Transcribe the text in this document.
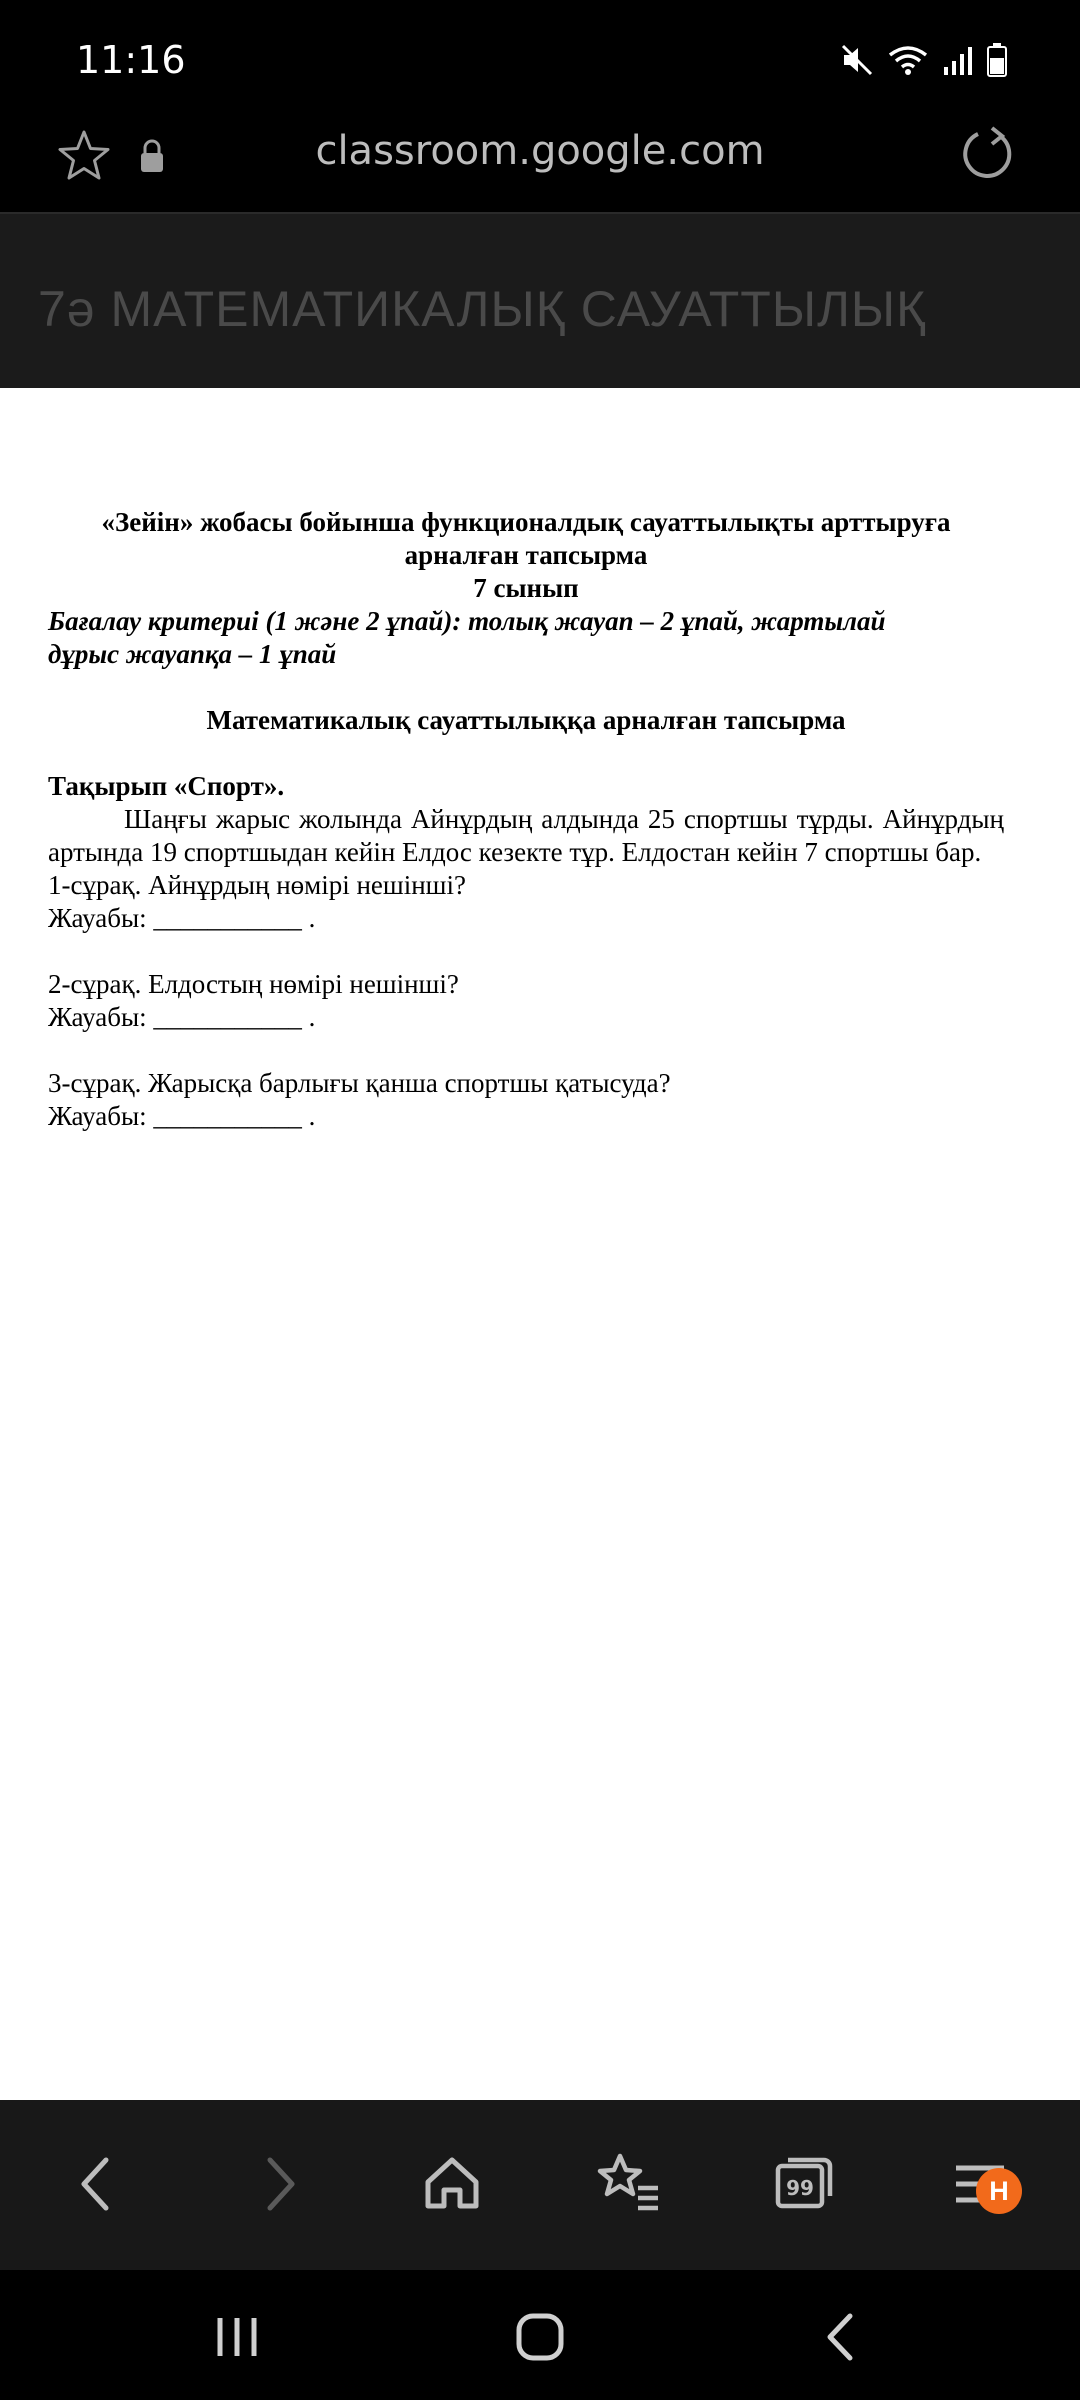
11:16
classroom.google.com
7ә МАТЕМАТИКАЛЫҚ САУАТТЫЛЫҚ
«Зейін» жобасы бойынша функционалдық сауаттылықты арттыруға
арналған тапсырма
7 сынып
Бағалау критериі (1 және 2 ұпай): толық жауап – 2 ұпай, жартылай
дұрыс жауапқа – 1 ұпай
Математикалық сауаттылыққа арналған тапсырма
Тақырып «Спорт».
Шаңғы жарыс жолында Айнұрдың алдында 25 спортшы тұрды. Айнұрдың артында 19 спортшыдан кейін Елдос кезекте тұр. Елдостан кейін 7 спортшы бар.
1-сұрақ. Айнұрдың нөмірі нешінші?
Жауабы: ___________ .
2-сұрақ. Елдостың нөмірі нешінші?
Жауабы: ___________ .
3-сұрақ. Жарысқа барлығы қанша спортшы қатысуда?
Жауабы: ___________ .
99	H
